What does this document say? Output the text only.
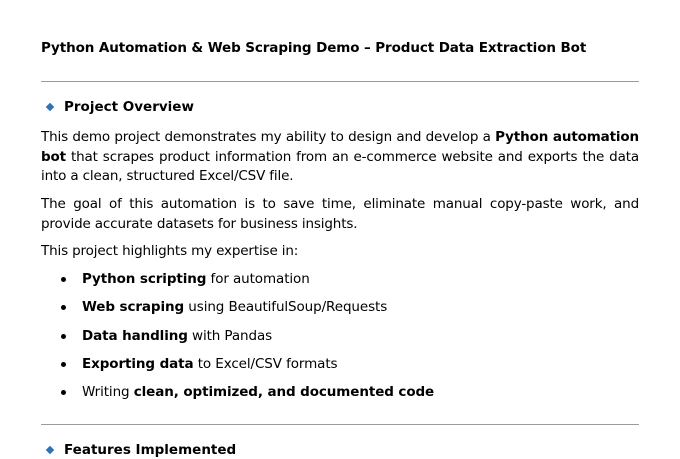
Python Automation & Web Scraping Demo – Product Data Extraction Bot
Project Overview
This demo project demonstrates my ability to design and develop a Python automation bot that scrapes product information from an e-commerce website and exports the data into a clean, structured Excel/CSV file.
The goal of this automation is to save time, eliminate manual copy-paste work, and provide accurate datasets for business insights.
This project highlights my expertise in:
Python scripting for automation
Web scraping using BeautifulSoup/Requests
Data handling with Pandas
Exporting data to Excel/CSV formats
Writing clean, optimized, and documented code
Features Implemented
